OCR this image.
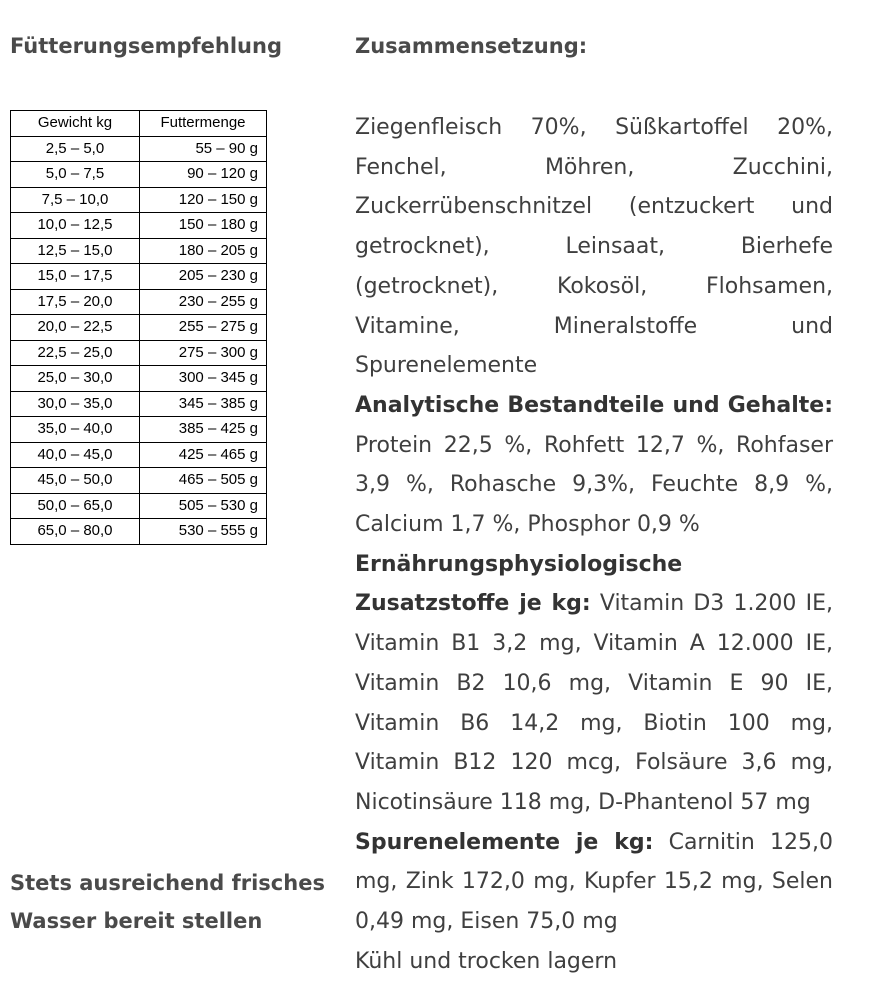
Fütterungsempfehlung
Gewicht kg	Futtermenge
2,5 – 5,0	55 – 90 g
5,0 – 7,5	90 – 120 g
7,5 – 10,0	120 – 150 g
10,0 – 12,5	150 – 180 g
12,5 – 15,0	180 – 205 g
15,0 – 17,5	205 – 230 g
17,5 – 20,0	230 – 255 g
20,0 – 22,5	255 – 275 g
22,5 – 25,0	275 – 300 g
25,0 – 30,0	300 – 345 g
30,0 – 35,0	345 – 385 g
35,0 – 40,0	385 – 425 g
40,0 – 45,0	425 – 465 g
45,0 – 50,0	465 – 505 g
50,0 – 65,0	505 – 530 g
65,0 – 80,0	530 – 555 g
Stets ausreichend frisches
Wasser bereit stellen
Zusammensetzung:

Ziegenfleisch 70%, Süßkartoffel 20%, Fenchel, Möhren, Zucchini, Zuckerrübenschnitzel (entzuckert und getrocknet), Leinsaat, Bierhefe (getrocknet), Kokosöl, Flohsamen, Vitamine, Mineralstoffe und Spurenelemente

Analytische Bestandteile und Gehalte: Protein 22,5 %, Rohfett 12,7 %, Rohfaser 3,9 %, Rohasche 9,3%, Feuchte 8,9 %, Calcium 1,7 %, Phosphor 0,9 %

Ernährungsphysiologische Zusatzstoffe je kg: Vitamin D3 1.200 IE, Vitamin B1 3,2 mg, Vitamin A 12.000 IE, Vitamin B2 10,6 mg, Vitamin E 90 IE, Vitamin B6 14,2 mg, Biotin 100 mg, Vitamin B12 120 mcg, Folsäure 3,6 mg, Nicotinsäure 118 mg, D-Phantenol 57 mg

Spurenelemente je kg: Carnitin 125,0 mg, Zink 172,0 mg, Kupfer 15,2 mg, Selen 0,49 mg, Eisen 75,0 mg

Kühl und trocken lagern
